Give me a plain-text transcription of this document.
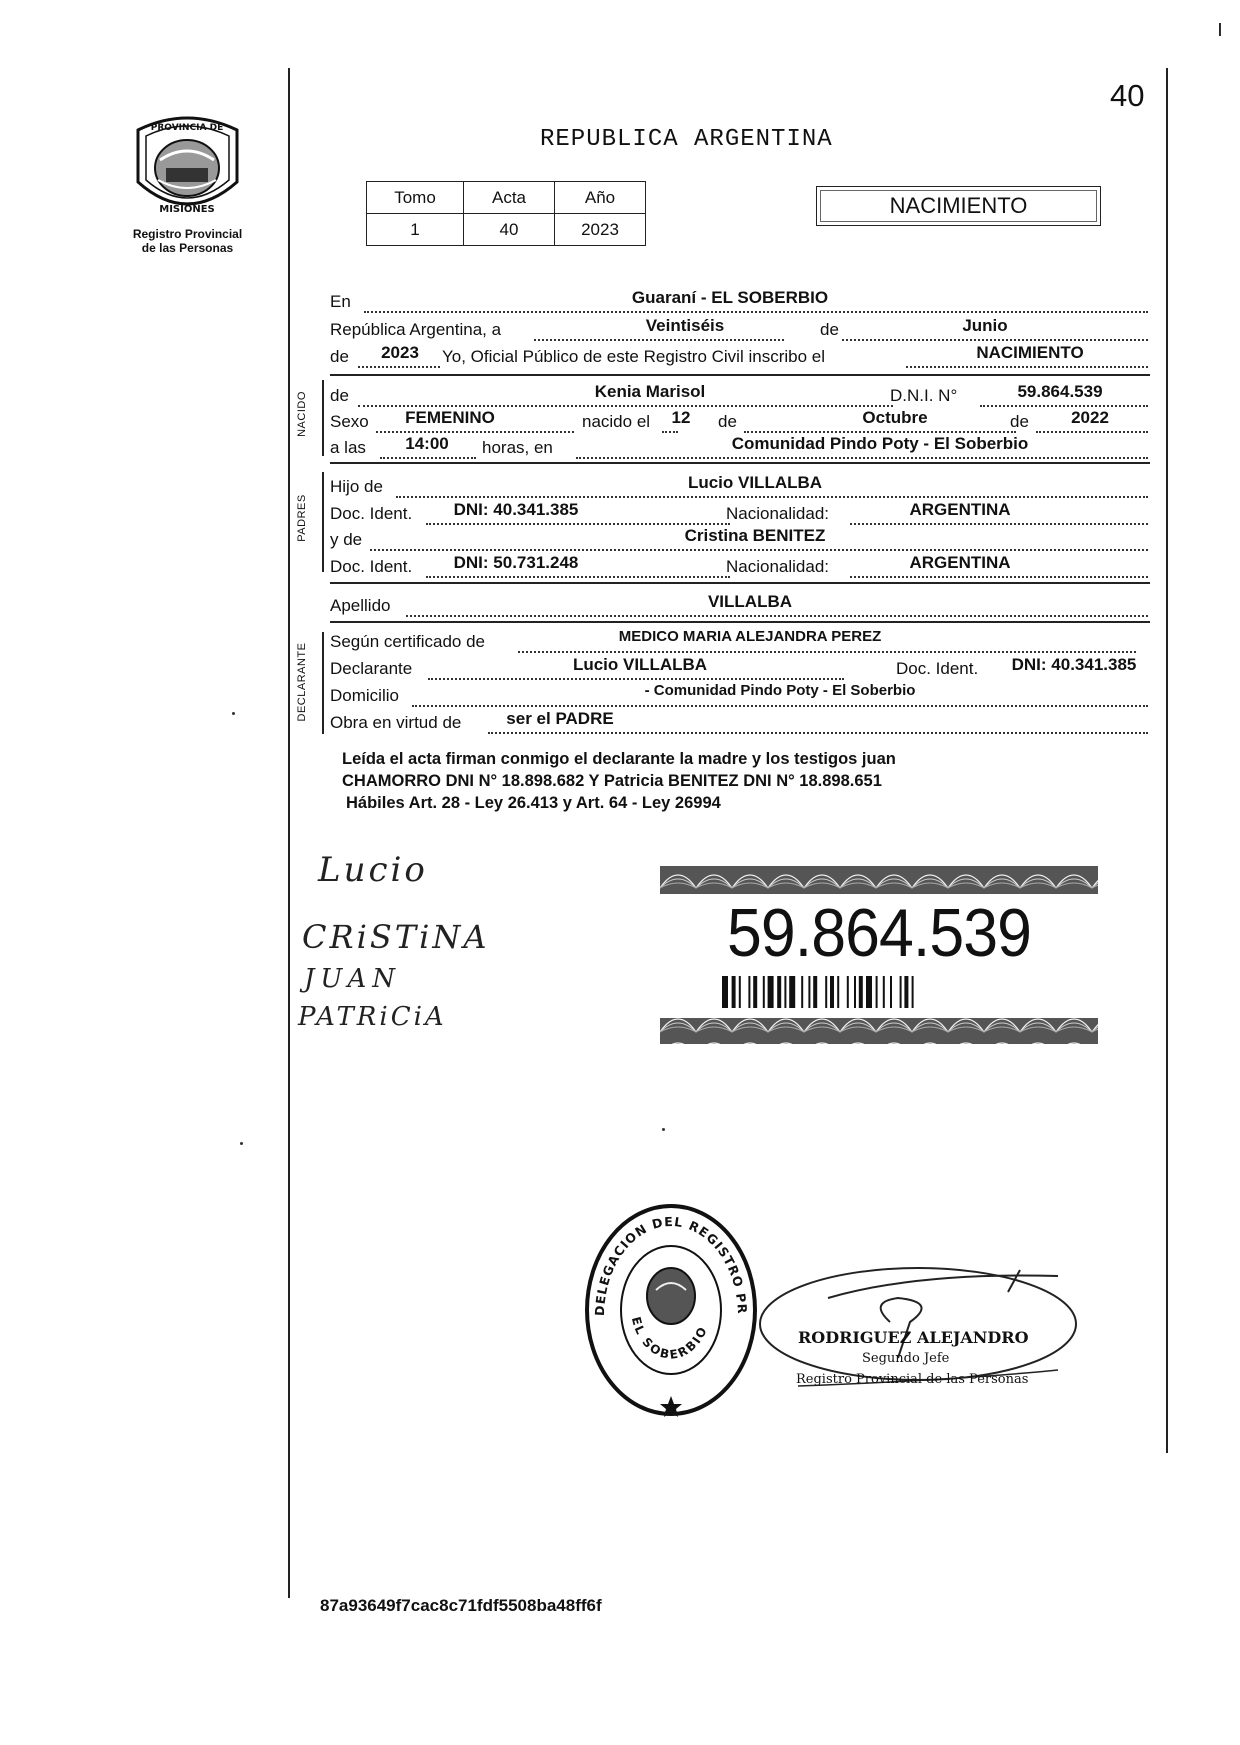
|
40
REPUBLICA ARGENTINA
PROVINCIA DE
MISIONES
Registro Provincial
de las Personas
Tomo	Acta	Año
1	40	2023
NACIMIENTO
En	Guaraní - EL SOBERBIO
República Argentina, a	Veintiséis	de	Junio
de	2023	Yo, Oficial Público de este Registro Civil inscribo el	NACIMIENTO
NACIDO de	Kenia Marisol	D.N.I. N°	59.864.539
Sexo	FEMENINO	nacido el	12	de	Octubre	de	2022
a las	14:00	horas, en	Comunidad Pindo Poty - El Soberbio
PADRES
Hijo de	Lucio VILLALBA
Doc. Ident.	DNI: 40.341.385	Nacionalidad:	ARGENTINA
y de	Cristina BENITEZ
Doc. Ident.	DNI: 50.731.248	Nacionalidad:	ARGENTINA
Apellido	VILLALBA
DECLARANTE
Según certificado de	MEDICO MARIA ALEJANDRA PEREZ
Declarante	Lucio VILLALBA	Doc. Ident.	DNI: 40.341.385
Domicilio	- Comunidad Pindo Poty - El Soberbio
Obra en virtud de	ser el PADRE
Leída el acta firman conmigo el declarante la madre y los testigos juan
CHAMORRO DNI N° 18.898.682 Y Patricia BENITEZ DNI N° 18.898.651
Hábiles Art. 28 - Ley 26.413 y Art. 64 - Ley 26994
Lucio
CRiSTiNA
JUAN
PATRiCiA
59.864.539
DELEGACION DEL REGISTRO PR
EL SOBERBIO	RODRIGUEZ ALEJANDRO
Segundo Jefe
Registro Provincial de las Personas
87a93649f7cac8c71fdf5508ba48ff6f
